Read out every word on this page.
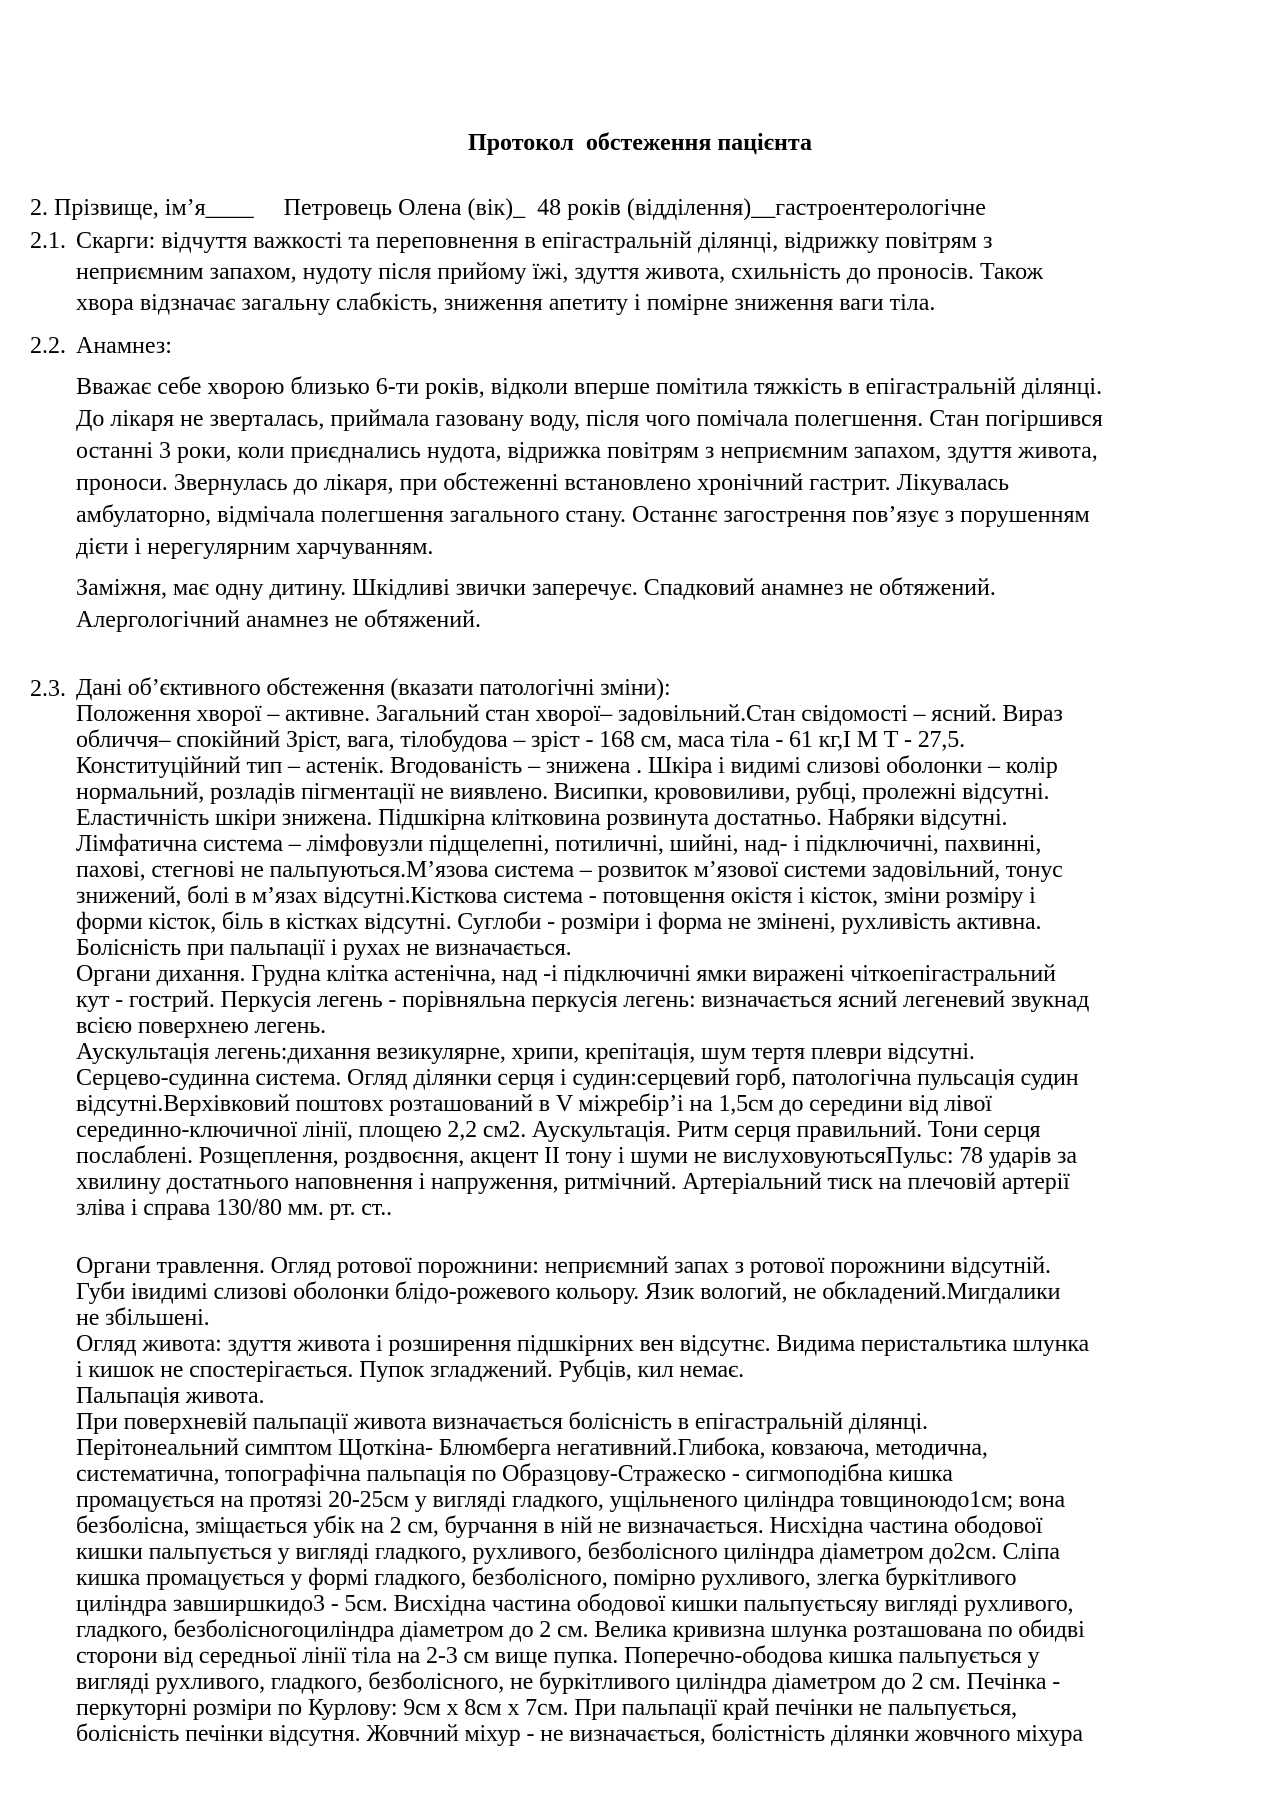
Протокол  обстеження пацієнта
2. Прізвище, ім’я____     Петровець Олена (вік)_  48 років (відділення)__гастроентерологічне
2.1. Скарги: відчуття важкості та переповнення в епігастральній ділянці, відрижку повітрям з
неприємним запахом, нудоту після прийому їжі, здуття живота, схильність до проносів. Також
хвора відзначає загальну слабкість, зниження апетиту і помірне зниження ваги тіла.
2.2. Анамнез:
Вважає себе хворою близько 6-ти років, відколи вперше помітила тяжкість в епігастральній ділянці.
До лікаря не зверталась, приймала газовану воду, після чого помічала полегшення. Стан погіршився
останні 3 роки, коли приєднались нудота, відрижка повітрям з неприємним запахом, здуття живота,
проноси. Звернулась до лікаря, при обстеженні встановлено хронічний гастрит. Лікувалась
амбулаторно, відмічала полегшення загального стану. Останнє загострення пов’язує з порушенням
дієти і нерегулярним харчуванням.
Заміжня, має одну дитину. Шкідливі звички заперечує. Спадковий анамнез не обтяжений.
Алергологічний анамнез не обтяжений.
2.3. Дані об’єктивного обстеження (вказати патологічні зміни):
Положення хворої – активне. Загальний стан хворої– задовільний.Стан свідомості – ясний. Вираз
обличчя– спокійний Зріст, вага, тілобудова – зріст - 168 см, маса тіла - 61 кг,І М Т - 27,5.
Конституційний тип – астенік. Вгодованість – знижена . Шкіра і видимі слизові оболонки – колір
нормальний, розладів пігментації не виявлено. Висипки, крововиливи, рубці, пролежні відсутні.
Еластичність шкіри знижена. Підшкірна клітковина розвинута достатньо. Набряки відсутні.
Лімфатична система – лімфовузли підщелепні, потиличні, шийні, над- і підключичні, пахвинні,
пахові, стегнові не пальпуються.М’язова система – розвиток м’язової системи задовільний, тонус
знижений, болі в м’язах відсутні.Кісткова система - потовщення окістя і кісток, зміни розміру і
форми кісток, біль в кістках відсутні. Суглоби - розміри і форма не змінені, рухливість активна.
Болісність при пальпації і рухах не визначається.
Органи дихання. Грудна клітка астенічна, над -і підключичні ямки виражені чіткоепігастральний
кут - гострий. Перкусія легень - порівняльна перкусія легень: визначається ясний легеневий звукнад
всією поверхнею легень.
Аускультація легень:дихання везикулярне, хрипи, крепітація, шум тертя плеври відсутні.
Серцево-судинна система. Огляд ділянки серця і судин:серцевий горб, патологічна пульсація судин
відсутні.Верхівковий поштовх розташований в V міжребір’і на 1,5см до середини від лівої
серединно-ключичної лінії, площею 2,2 см2. Аускультація. Ритм серця правильний. Тони серця
послаблені. Розщеплення, роздвоєння, акцент ІІ тону і шуми не вислуховуютьсяПульс: 78 ударів за
хвилину достатнього наповнення і напруження, ритмічний. Артеріальний тиск на плечовій артерії
зліва і справа 130/80 мм. рт. ст..
Органи травлення. Огляд ротової порожнини: неприємний запах з ротової порожнини відсутній.
Губи івидимі слизові оболонки блідо-рожевого кольору. Язик вологий, не обкладений.Мигдалики
не збільшені.
Огляд живота: здуття живота і розширення підшкірних вен відсутнє. Видима перистальтика шлунка
і кишок не спостерігається. Пупок згладжений. Рубців, кил немає.
Пальпація живота.
При поверхневій пальпації живота визначається болісність в епігастральній ділянці.
Перітонеальний симптом Щоткіна- Блюмберга негативний.Глибока, ковзаюча, методична,
систематична, топографічна пальпація по Образцову-Стражеско - сигмоподібна кишка
промацується на протязі 20-25см у вигляді гладкого, ущільненого циліндра товщиноюдо1см; вона
безболісна, зміщається убік на 2 см, бурчання в ній не визначається. Нисхідна частина ободової
кишки пальпується у вигляді гладкого, рухливого, безболісного циліндра діаметром до2см. Сліпа
кишка промацується у формі гладкого, безболісного, помірно рухливого, злегка буркітливого
циліндра завширшкидо3 - 5см. Висхідна частина ободової кишки пальпуєтьсяу вигляді рухливого,
гладкого, безболісногоциліндра діаметром до 2 см. Велика кривизна шлунка розташована по обидві
сторони від середньої лінії тіла на 2-3 см вище пупка. Поперечно-ободова кишка пальпується у
вигляді рухливого, гладкого, безболісного, не буркітливого циліндра діаметром до 2 см. Печінка -
перкуторні розміри по Курлову: 9см х 8см х 7см. При пальпації край печінки не пальпується,
болісність печінки відсутня. Жовчний міхур - не визначається, болістність ділянки жовчного міхура
